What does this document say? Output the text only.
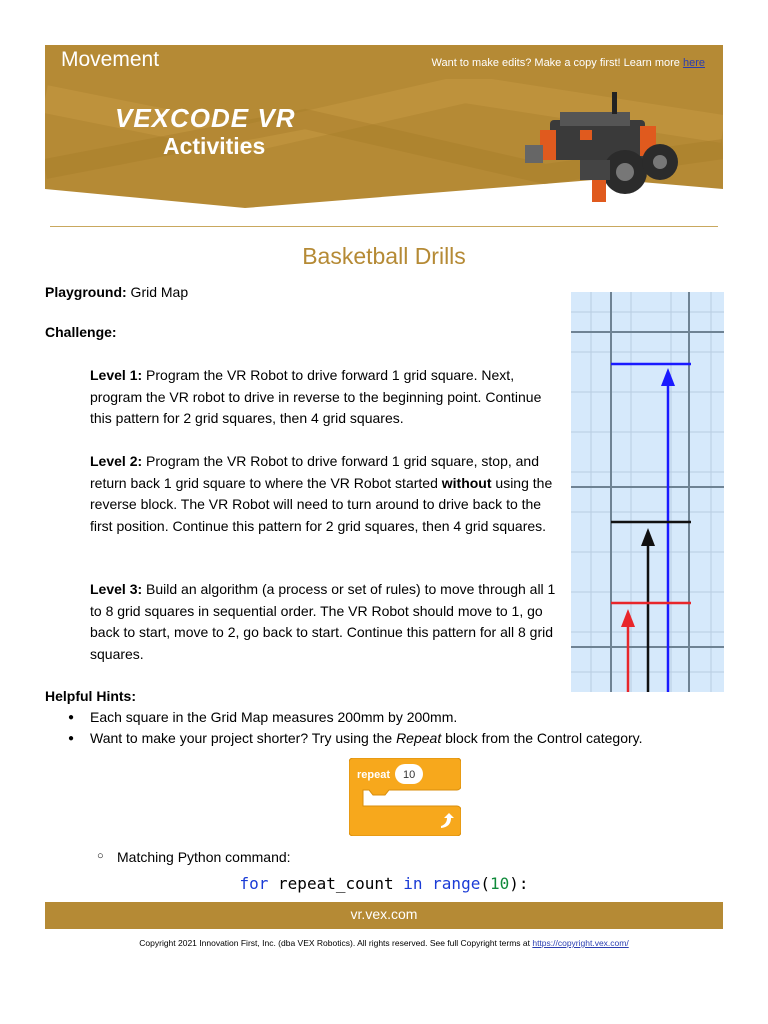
Movement	Want to make edits? Make a copy first! Learn more here
VEXCODE VR
Activities
Basketball Drills
Playground: Grid Map
Challenge:
Level 1: Program the VR Robot to drive forward 1 grid square. Next, program the VR robot to drive in reverse to the beginning point. Continue this pattern for 2 grid squares, then 4 grid squares.
Level 2: Program the VR Robot to drive forward 1 grid square, stop, and return back 1 grid square to where the VR Robot started without using the reverse block. The VR Robot will need to turn around to drive back to the first position. Continue this pattern for 2 grid squares, then 4 grid squares.
Level 3: Build an algorithm (a process or set of rules) to move through all 1 to 8 grid squares in sequential order. The VR Robot should move to 1, go back to start, move to 2, go back to start. Continue this pattern for all 8 grid squares.
Helpful Hints:
● Each square in the Grid Map measures 200mm by 200mm.
● Want to make your project shorter? Try using the Repeat block from the Control category.
repeat 10
○ Matching Python command:
for repeat_count in range(10):
vr.vex.com
Copyright 2021 Innovation First, Inc. (dba VEX Robotics). All rights reserved. See full Copyright terms at https://copyright.vex.com/
